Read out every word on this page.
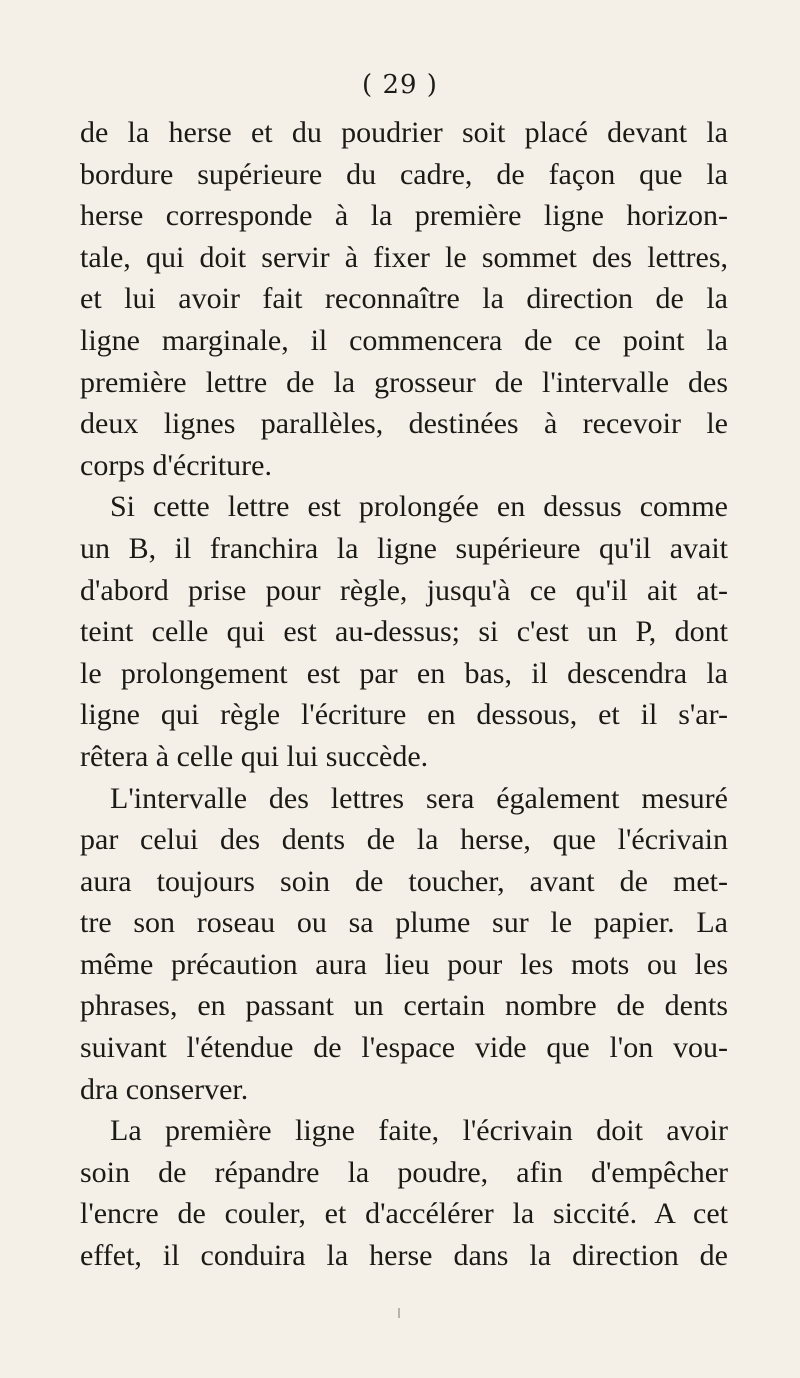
( 29 )
de la herse et du poudrier soit placé devant la
bordure supérieure du cadre, de façon que la
herse corresponde à la première ligne horizon-
tale, qui doit servir à fixer le sommet des lettres,
et lui avoir fait reconnaître la direction de la
ligne marginale, il commencera de ce point la
première lettre de la grosseur de l'intervalle des
deux lignes parallèles, destinées à recevoir le
corps d'écriture.
Si cette lettre est prolongée en dessus comme
un B, il franchira la ligne supérieure qu'il avait
d'abord prise pour règle, jusqu'à ce qu'il ait at-
teint celle qui est au-dessus; si c'est un P, dont
le prolongement est par en bas, il descendra la
ligne qui règle l'écriture en dessous, et il s'ar-
rêtera à celle qui lui succède.
L'intervalle des lettres sera également mesuré
par celui des dents de la herse, que l'écrivain
aura toujours soin de toucher, avant de met-
tre son roseau ou sa plume sur le papier. La
même précaution aura lieu pour les mots ou les
phrases, en passant un certain nombre de dents
suivant l'étendue de l'espace vide que l'on vou-
dra conserver.
La première ligne faite, l'écrivain doit avoir
soin de répandre la poudre, afin d'empêcher
l'encre de couler, et d'accélérer la siccité. A cet
effet, il conduira la herse dans la direction de
